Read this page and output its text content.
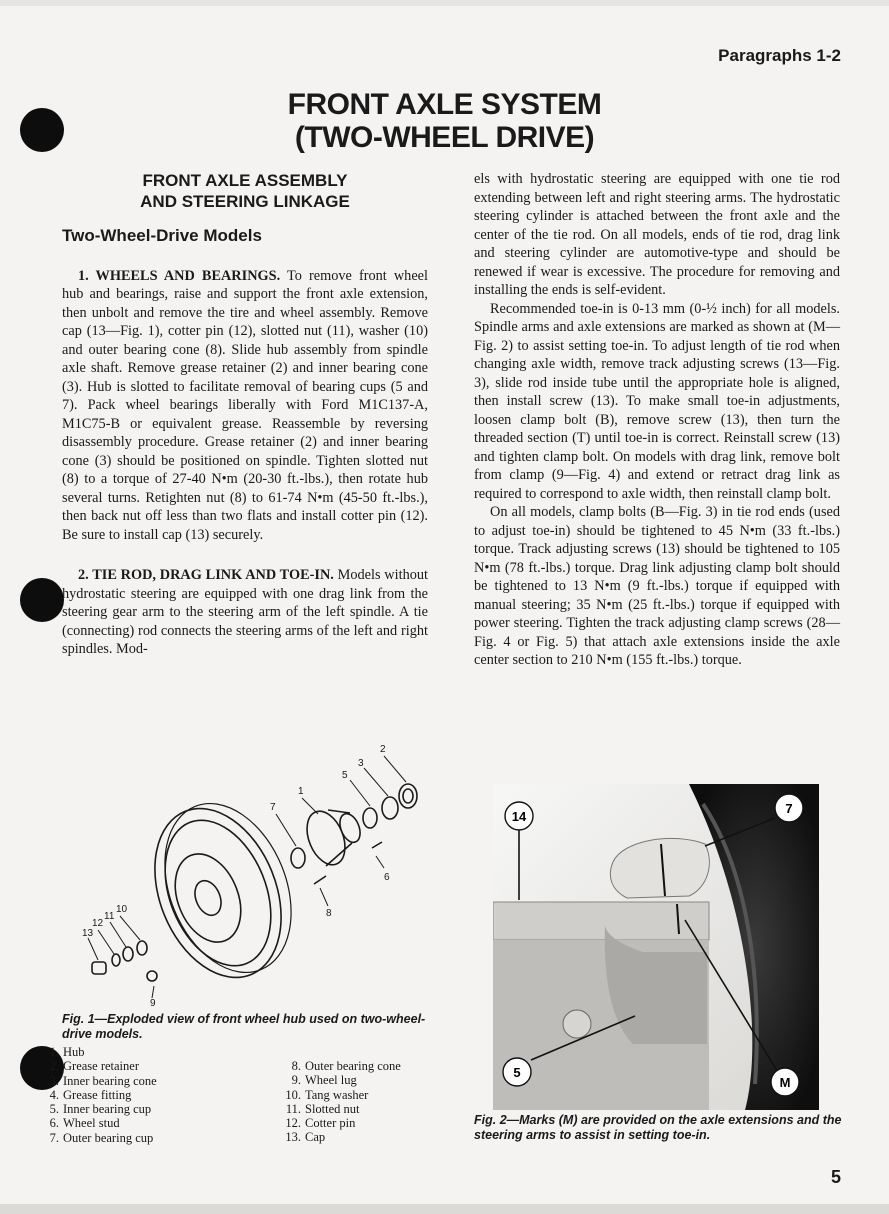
Paragraphs 1-2
FRONT AXLE SYSTEM
(TWO-WHEEL DRIVE)
FRONT AXLE ASSEMBLY
AND STEERING LINKAGE
Two-Wheel-Drive Models

1. WHEELS AND BEARINGS. To remove front wheel hub and bearings, raise and support the front axle extension, then unbolt and remove the tire and wheel assembly. Remove cap (13—Fig. 1), cotter pin (12), slotted nut (11), washer (10) and outer bearing cone (8). Slide hub assembly from spindle axle shaft. Remove grease retainer (2) and inner bearing cone (3). Hub is slotted to facilitate removal of bearing cups (5 and 7). Pack wheel bearings liberally with Ford M1C137-A, M1C75-B or equivalent grease. Reassemble by reversing disassembly procedure. Grease retainer (2) and inner bearing cone (3) should be positioned on spindle. Tighten slotted nut (8) to a torque of 27-40 N•m (20-30 ft.-lbs.), then rotate hub several turns. Retighten nut (8) to 61-74 N•m (45-50 ft.-lbs.), then back nut off less than two flats and install cotter pin (12). Be sure to install cap (13) securely.

2. TIE ROD, DRAG LINK AND TOE-IN. Models without hydrostatic steering are equipped with one drag link from the steering gear arm to the steering arm of the left spindle. A tie (connecting) rod connects the steering arms of the left and right spindles. Mod-

els with hydrostatic steering are equipped with one tie rod extending between left and right steering arms. The hydrostatic steering cylinder is attached between the front axle and the center of the tie rod. On all models, ends of tie rod, drag link and steering cylinder are automotive-type and should be renewed if wear is excessive. The procedure for removing and installing the ends is self-evident.

Recommended toe-in is 0-13 mm (0-½ inch) for all models. Spindle arms and axle extensions are marked as shown at (M—Fig. 2) to assist setting toe-in. To adjust length of tie rod when changing axle width, remove track adjusting screws (13—Fig. 3), slide rod inside tube until the appropriate hole is aligned, then install screw (13). To make small toe-in adjustments, loosen clamp bolt (B), remove screw (13), then turn the threaded section (T) until toe-in is correct. Reinstall screw (13) and tighten clamp bolt. On models with drag link, remove bolt from clamp (9—Fig. 4) and extend or retract drag link as required to correspond to axle width, then reinstall clamp bolt.

On all models, clamp bolts (B—Fig. 3) in tie rod ends (used to adjust toe-in) should be tightened to 45 N•m (33 ft.-lbs.) torque. Track adjusting screws (13) should be tightened to 105 N•m (78 ft.-lbs.) torque. Drag link adjusting clamp bolt should be tightened to 13 N•m (9 ft.-lbs.) torque if equipped with manual steering; 35 N•m (25 ft.-lbs.) torque if equipped with power steering. Tighten the track adjusting clamp screws (28—Fig. 4 or Fig. 5) that attach axle extensions inside the axle center section to 210 N•m (155 ft.-lbs.) torque.

13
12
11
10
9
7
1
5
3
2
6
8
Fig. 1—Exploded view of front wheel hub used on two-wheel-drive models.
1. Hub
2. Grease retainer
3. Inner bearing cone
4. Grease fitting
5. Inner bearing cup
6. Wheel stud
7. Outer bearing cup
8. Outer bearing cone
9. Wheel lug
10. Tang washer
11. Slotted nut
12. Cotter pin
13. Cap
14
7
5
M
Fig. 2—Marks (M) are provided on the axle extensions and the steering arms to assist in setting toe-in.
5
